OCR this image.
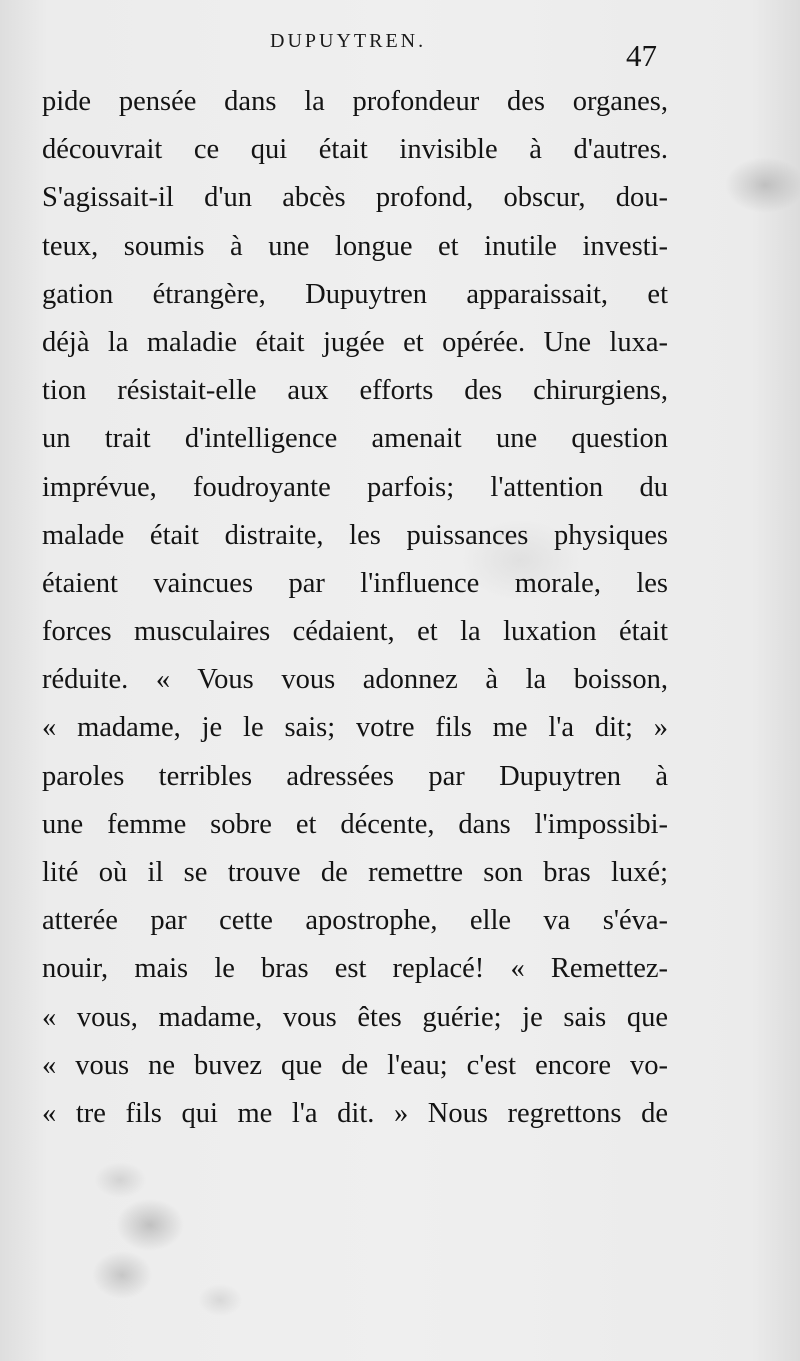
DUPUYTREN.	47
pide pensée dans la profondeur des organes,
découvrait ce qui était invisible à d'autres.
S'agissait-il d'un abcès profond, obscur, dou-
teux, soumis à une longue et inutile investi-
gation étrangère, Dupuytren apparaissait, et
déjà la maladie était jugée et opérée. Une luxa-
tion résistait-elle aux efforts des chirurgiens,
un trait d'intelligence amenait une question
imprévue, foudroyante parfois; l'attention du
malade était distraite, les puissances physiques
étaient vaincues par l'influence morale, les
forces musculaires cédaient, et la luxation était
réduite. « Vous vous adonnez à la boisson,
« madame, je le sais; votre fils me l'a dit; »
paroles terribles adressées par Dupuytren à
une femme sobre et décente, dans l'impossibi-
lité où il se trouve de remettre son bras luxé;
atterée par cette apostrophe, elle va s'éva-
nouir, mais le bras est replacé! « Remettez-
« vous, madame, vous êtes guérie; je sais que
« vous ne buvez que de l'eau; c'est encore vo-
« tre fils qui me l'a dit. » Nous regrettons de
